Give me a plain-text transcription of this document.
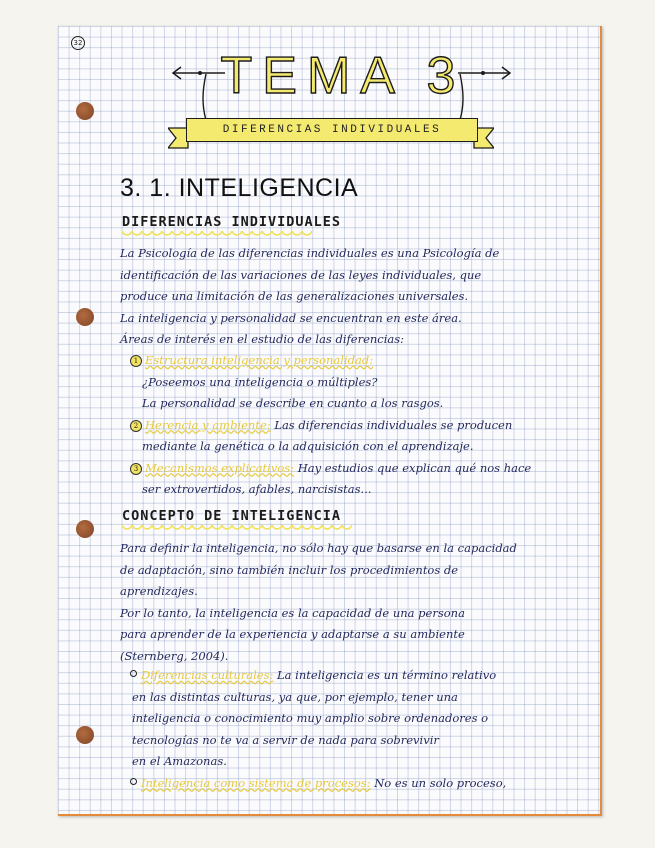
32
TEMA 3
DIFERENCIAS INDIVIDUALES
3. 1. INTELIGENCIA
DIFERENCIAS INDIVIDUALES
La Psicología de las diferencias individuales es una Psicología de
identificación de las variaciones de las leyes individuales, que
produce una limitación de las generalizaciones universales.
La inteligencia y personalidad se encuentran en este área.
Áreas de interés en el estudio de las diferencias:
1 Estructura inteligencia y personalidad:
¿Poseemos una inteligencia o múltiples?
La personalidad se describe en cuanto a los rasgos.
2 Herencia y ambiente: Las diferencias individuales se producen
mediante la genética o la adquisición con el aprendizaje.
3 Mecanismos explicativos: Hay estudios que explican qué nos hace
ser extrovertidos, afables, narcisistas...
CONCEPTO DE INTELIGENCIA
Para definir la inteligencia, no sólo hay que basarse en la capacidad
de adaptación, sino también incluir los procedimientos de
aprendizajes.
Por lo tanto, la inteligencia es la capacidad de una persona
para aprender de la experiencia y adaptarse a su ambiente
(Sternberg, 2004).
Diferencias culturales: La inteligencia es un término relativo
en las distintas culturas, ya que, por ejemplo, tener una
inteligencia o conocimiento muy amplio sobre ordenadores o
tecnologías no te va a servir de nada para sobrevivir
en el Amazonas.
Inteligencia como sistema de procesos: No es un solo proceso,
